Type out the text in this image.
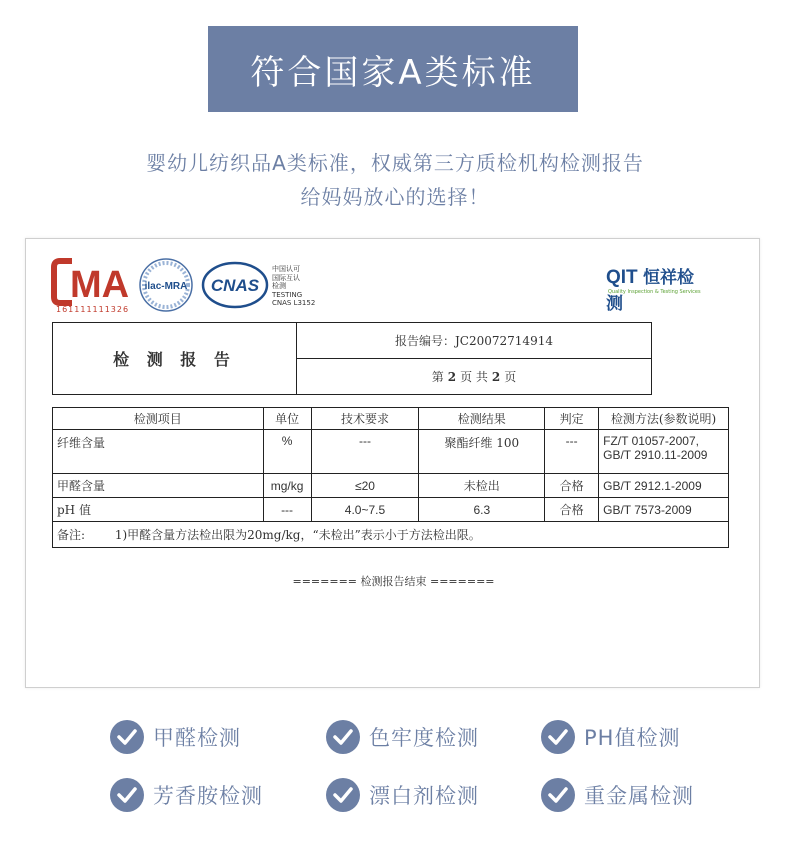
符合国家A类标准
婴幼儿纺织品A类标准，权威第三方质检机构检测报告
给妈妈放心的选择！
MA
161111111326
ilac-MRA CNAS
中国认可
国际互认
检测
TESTING
CNAS L3152
QIT 恒祥检测
Quality Inspection & Testing Services
检 测 报 告
报告编号：JC20072714914
第 2 页 共 2 页
检测项目	单位	技术要求	检测结果	判定	检测方法(参数说明)
纤维含量	%	---	聚酯纤维 100	---	FZ/T 01057-2007,
GB/T 2910.11-2009

甲醛含量	mg/kg	≤20	未检出	合格	GB/T 2912.1-2009
pH 值	---	4.0~7.5	6.3	合格	GB/T 7573-2009
备注: 1)甲醛含量方法检出限为20mg/kg，“未检出”表示小于方法检出限。					
======= 检测报告结束 =======
甲醛检测	色牢度检测	PH值检测
芳香胺检测	漂白剂检测	重金属检测
